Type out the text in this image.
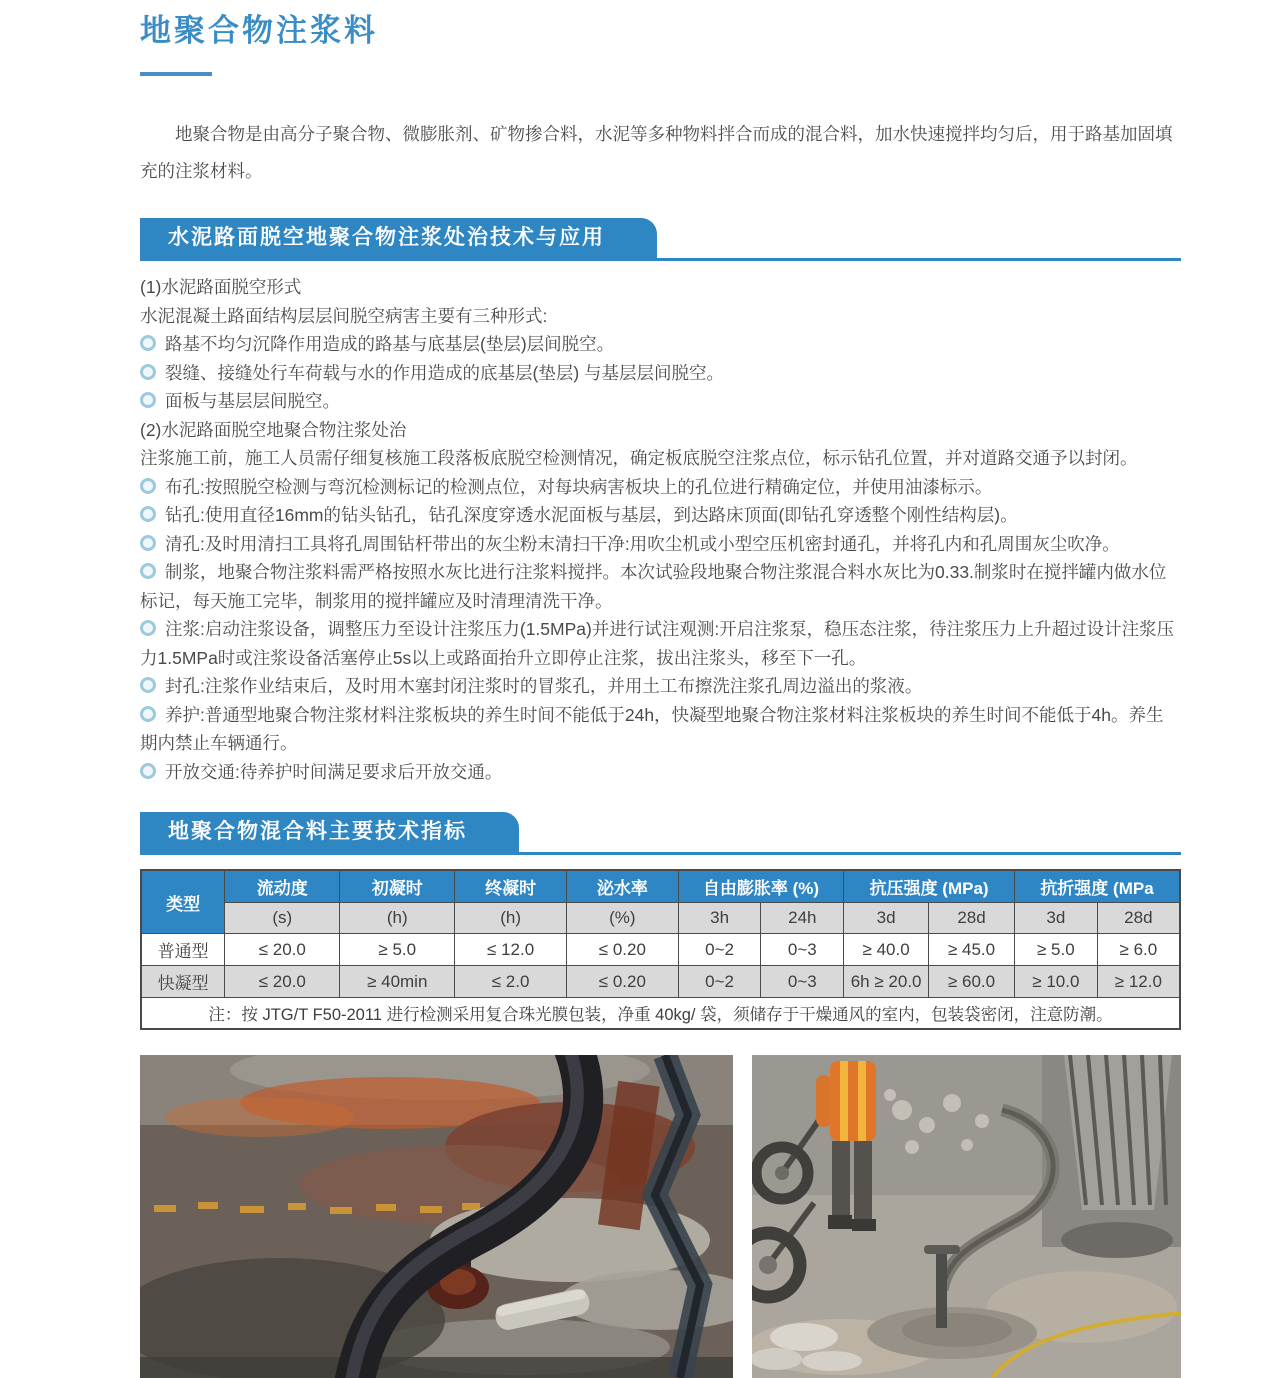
地聚合物注浆料

地聚合物是由高分子聚合物、微膨胀剂、矿物掺合料，水泥等多种物料拌合而成的混合料，加水快速搅拌均匀后，用于路基加固填充的注浆材料。

水泥路面脱空地聚合物注浆处治技术与应用

(1)水泥路面脱空形式

水泥混凝土路面结构层层间脱空病害主要有三种形式:

路基不均匀沉降作用造成的路基与底基层(垫层)层间脱空。

裂缝、接缝处行车荷载与水的作用造成的底基层(垫层) 与基层层间脱空。

面板与基层层间脱空。

(2)水泥路面脱空地聚合物注浆处治

注浆施工前，施工人员需仔细复核施工段落板底脱空检测情况，确定板底脱空注浆点位，标示钻孔位置，并对道路交通予以封闭。

布孔:按照脱空检测与弯沉检测标记的检测点位，对每块病害板块上的孔位进行精确定位，并使用油漆标示。

钻孔:使用直径16mm的钻头钻孔，钻孔深度穿透水泥面板与基层，到达路床顶面(即钻孔穿透整个刚性结构层)。

清孔:及时用清扫工具将孔周围钻杆带出的灰尘粉末清扫干净:用吹尘机或小型空压机密封通孔，并将孔内和孔周围灰尘吹净。

制浆，地聚合物注浆料需严格按照水灰比进行注浆料搅拌。本次试验段地聚合物注浆混合料水灰比为0.33.制浆时在搅拌罐内做水位标记，每天施工完毕，制浆用的搅拌罐应及时清理清洗干净。

注浆:启动注浆设备，调整压力至设计注浆压力(1.5MPa)并进行试注观测:开启注浆泵，稳压态注浆，待注浆压力上升超过设计注浆压力1.5MPa时或注浆设备活塞停止5s以上或路面抬升立即停止注浆，拔出注浆头，移至下一孔。

封孔:注浆作业结束后，及时用木塞封闭注浆时的冒浆孔，并用土工布擦洗注浆孔周边溢出的浆液。

养护:普通型地聚合物注浆材料注浆板块的养生时间不能低于24h，快凝型地聚合物注浆材料注浆板块的养生时间不能低于4h。养生期内禁止车辆通行。

开放交通:待养护时间满足要求后开放交通。

地聚合物混合料主要技术指标
类型	流动度	初凝时	终凝时	泌水率	自由膨胀率 (%)		抗压强度 (MPa)		抗折强度 (MPa	
	(s)	(h)	(h)	(%)	3h	24h	3d	28d	3d	28d
普通型	≤ 20.0	≥ 5.0	≤ 12.0	≤ 0.20	0~2	0~3	≥ 40.0	≥ 45.0	≥ 5.0	≥ 6.0
快凝型	≤ 20.0	≥ 40min	≤ 2.0	≤ 0.20	0~2	0~3	6h ≥ 20.0	≥ 60.0	≥ 10.0	≥ 12.0
注：按 JTG/T F50-2011 进行检测采用复合珠光膜包装，净重 40kg/ 袋，须储存于干燥通风的室内，包装袋密闭，注意防潮。										
